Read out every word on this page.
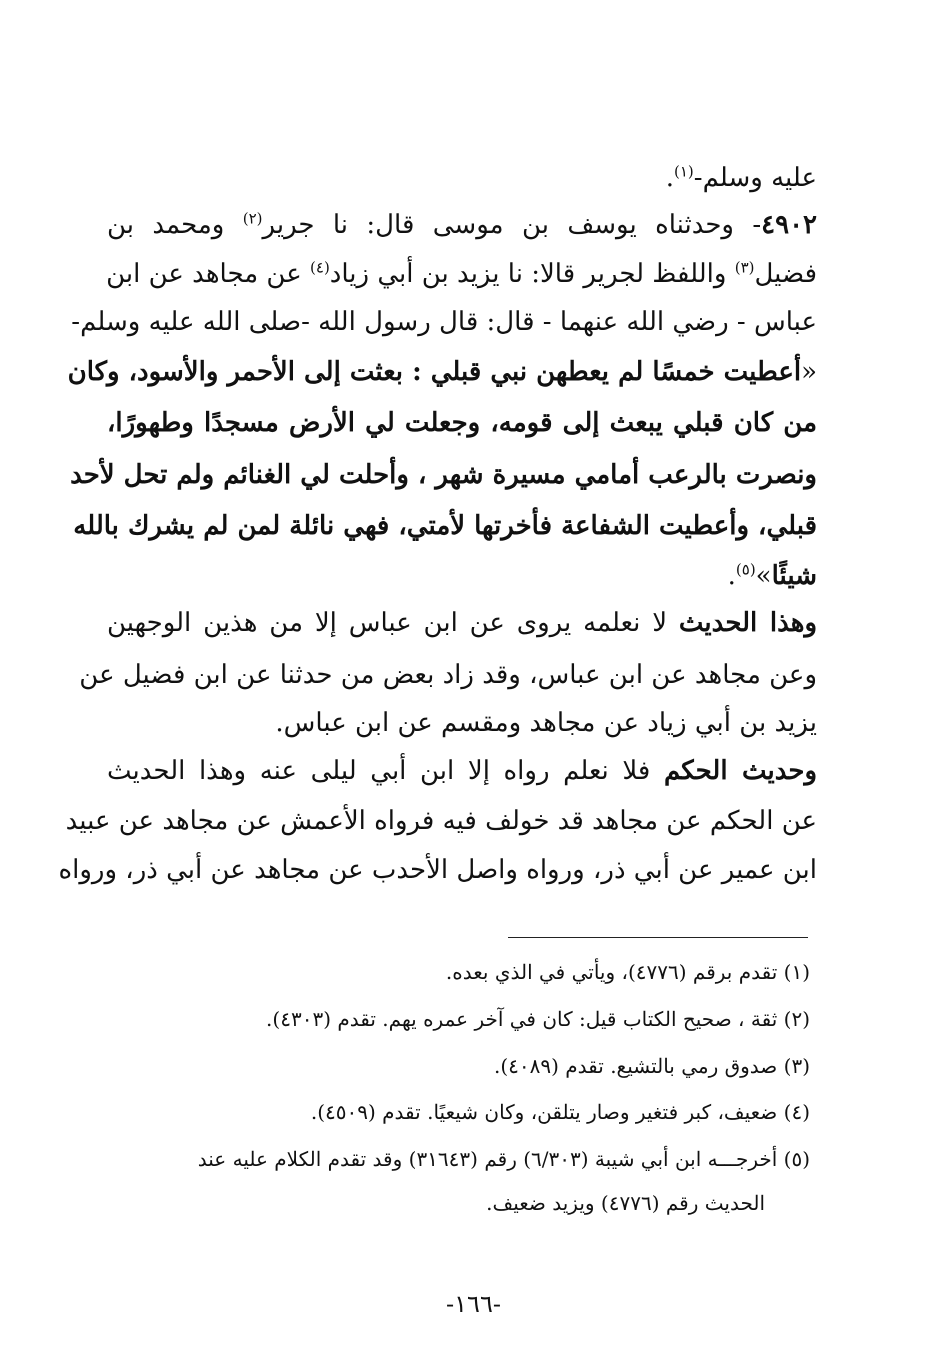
عليه وسلم-$^{(١)}$.
٤٩٠٢- وحدثناه يوسف بن موسى قال: نا جرير$^{(٢)}$ ومحمد بن
فضيل$^{(٣)}$ واللفظ لجرير قالا: نا يزيد بن أبي زياد$^{(٤)}$ عن مجاهد عن ابن
عباس - رضي الله عنهما - قال: قال رسول الله -صلى الله عليه وسلم-
«أعطيت خمسًا لم يعطهن نبي قبلي : بعثت إلى الأحمر والأسود، وكان
من كان قبلي يبعث إلى قومه، وجعلت لي الأرض مسجدًا وطهورًا،
ونصرت بالرعب أمامي مسيرة شهر ، وأحلت لي الغنائم ولم تحل لأحد
قبلي، وأعطيت الشفاعة فأخرتها لأمتي، فهي نائلة لمن لم يشرك بالله
شيئًا»$^{(٥)}$.
وهذا الحديث لا نعلمه يروى عن ابن عباس إلا من هذين الوجهين
وعن مجاهد عن ابن عباس، وقد زاد بعض من حدثنا عن ابن فضيل عن
يزيد بن أبي زياد عن مجاهد ومقسم عن ابن عباس.
وحديث الحكم فلا نعلم رواه إلا ابن أبي ليلى عنه وهذا الحديث
عن الحكم عن مجاهد قد خولف فيه فرواه الأعمش عن مجاهد عن عبيد
ابن عمير عن أبي ذر، ورواه واصل الأحدب عن مجاهد عن أبي ذر، ورواه
(١) تقدم برقم (٤٧٧٦)، ويأتي في الذي بعده.
(٢) ثقة ، صحيح الكتاب قيل: كان في آخر عمره يهم. تقدم (٤٣٠٣).
(٣) صدوق رمي بالتشيع. تقدم (٤٠٨٩).
(٤) ضعيف، كبر فتغير وصار يتلقن، وكان شيعيًا. تقدم (٤٥٠٩).
(٥) أخرجـــه ابن أبي شيبة (٦/٣٠٣) رقم (٣١٦٤٣) وقد تقدم الكلام عليه عند
الحديث رقم (٤٧٧٦) ويزيد ضعيف.
-١٦٦-
